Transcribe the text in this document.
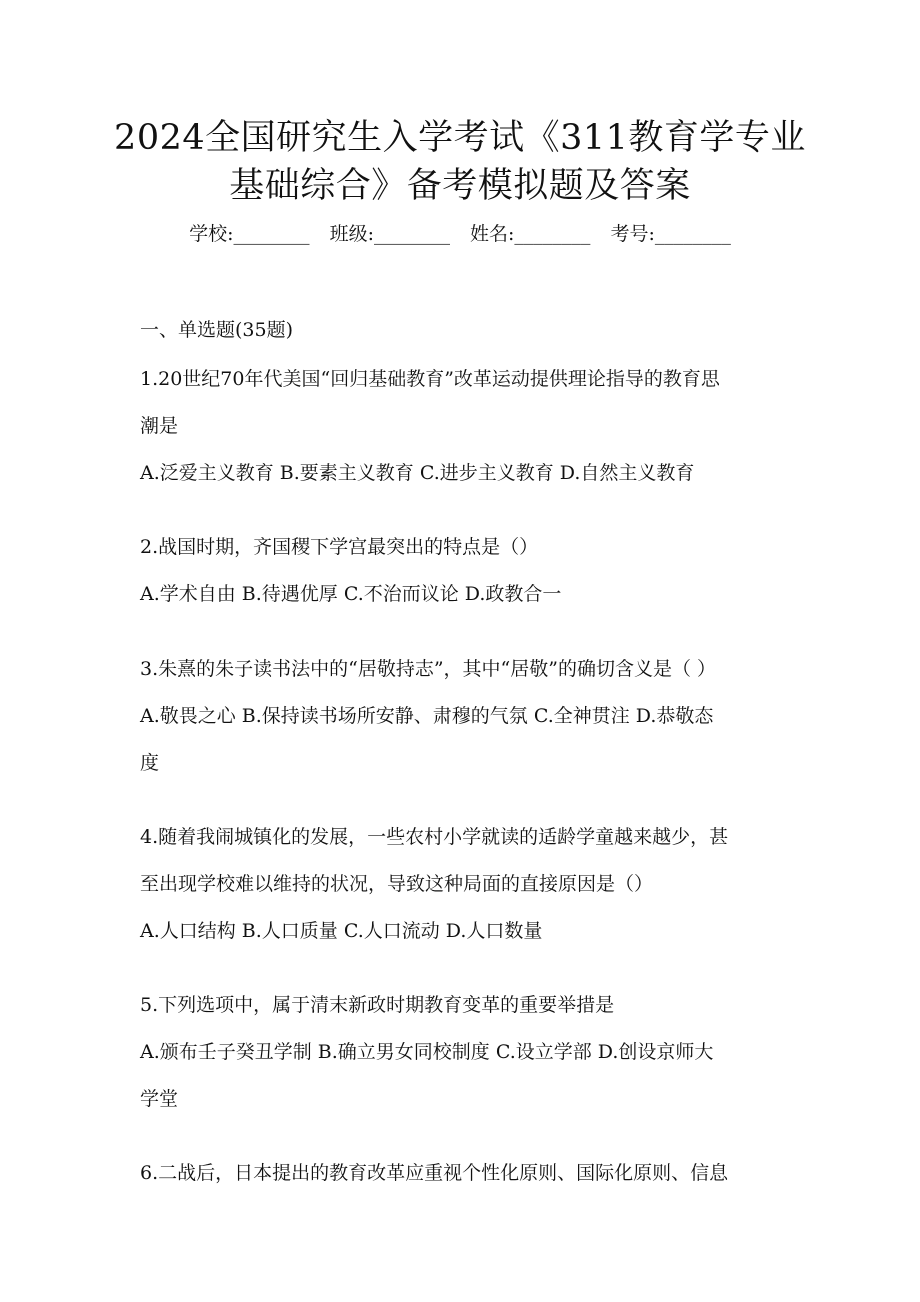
2024全国研究生入学考试《311教育学专业
基础综合》备考模拟题及答案
学校:________ 班级:________ 姓名:________ 考号:________
一、单选题(35题)
1.20世纪70年代美国“回归基础教育”改革运动提供理论指导的教育思
潮是
A.泛爱主义教育 B.要素主义教育 C.进步主义教育 D.自然主义教育
2.战国时期，齐国稷下学宫最突出的特点是（）
A.学术自由 B.待遇优厚 C.不治而议论 D.政教合一
3.朱熹的朱子读书法中的“居敬持志”，其中“居敬”的确切含义是（ ）
A.敬畏之心 B.保持读书场所安静、肃穆的气氛 C.全神贯注 D.恭敬态
度
4.随着我闹城镇化的发展，一些农村小学就读的适龄学童越来越少，甚
至出现学校难以维持的状况，导致这种局面的直接原因是（）
A.人口结构 B.人口质量 C.人口流动 D.人口数量
5.下列选项中，属于清末新政时期教育变革的重要举措是
A.颁布壬子癸丑学制 B.确立男女同校制度 C.设立学部 D.创设京师大
学堂
6.二战后，日本提出的教育改革应重视个性化原则、国际化原则、信息
